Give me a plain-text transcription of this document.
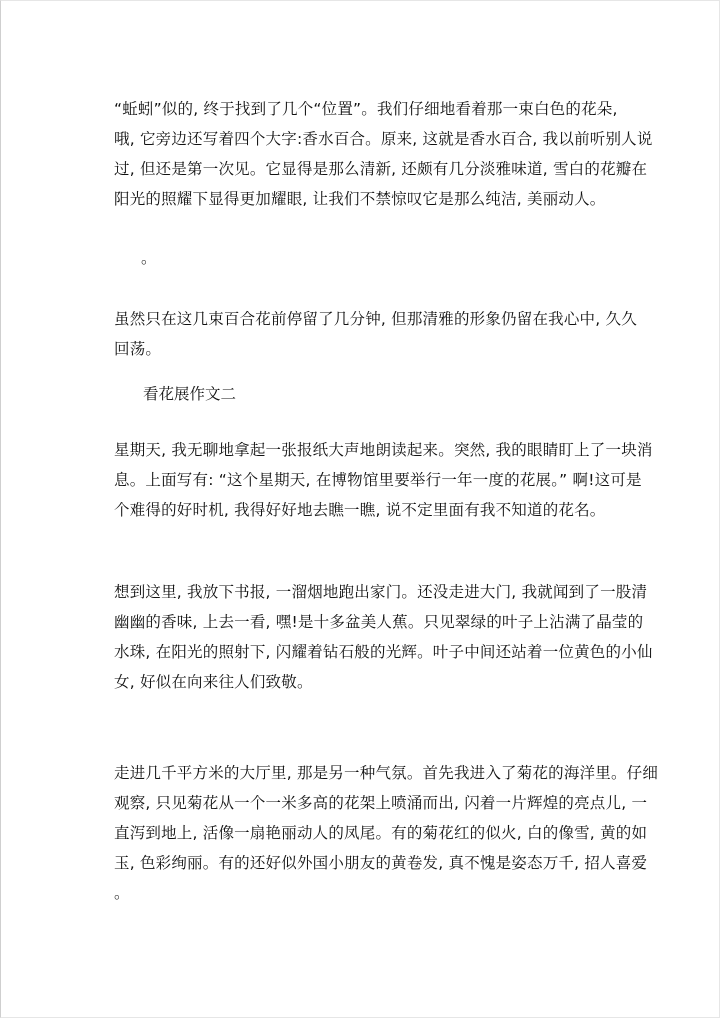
“蚯蚓”似的, 终于找到了几个“位置”。我们仔细地看着那一束白色的花朵,
哦, 它旁边还写着四个大字:香水百合。原来, 这就是香水百合, 我以前听别人说
过, 但还是第一次见。它显得是那么清新, 还颇有几分淡雅味道, 雪白的花瓣在
阳光的照耀下显得更加耀眼, 让我们不禁惊叹它是那么纯洁, 美丽动人。
。
虽然只在这几束百合花前停留了几分钟, 但那清雅的形象仍留在我心中, 久久
回荡。
看花展作文二
星期天, 我无聊地拿起一张报纸大声地朗读起来。突然, 我的眼睛盯上了一块消
息。上面写有: “这个星期天, 在博物馆里要举行一年一度的花展。” 啊!这可是
个难得的好时机, 我得好好地去瞧一瞧, 说不定里面有我不知道的花名。
想到这里, 我放下书报, 一溜烟地跑出家门。还没走进大门, 我就闻到了一股清
幽幽的香味, 上去一看, 嘿!是十多盆美人蕉。只见翠绿的叶子上沾满了晶莹的
水珠, 在阳光的照射下, 闪耀着钻石般的光辉。叶子中间还站着一位黄色的小仙
女, 好似在向来往人们致敬。
走进几千平方米的大厅里, 那是另一种气氛。首先我进入了菊花的海洋里。仔细
观察, 只见菊花从一个一米多高的花架上喷涌而出, 闪着一片辉煌的亮点儿, 一
直泻到地上, 活像一扇艳丽动人的凤尾。有的菊花红的似火, 白的像雪, 黄的如
玉, 色彩绚丽。有的还好似外国小朋友的黄卷发, 真不愧是姿态万千, 招人喜爱
。
